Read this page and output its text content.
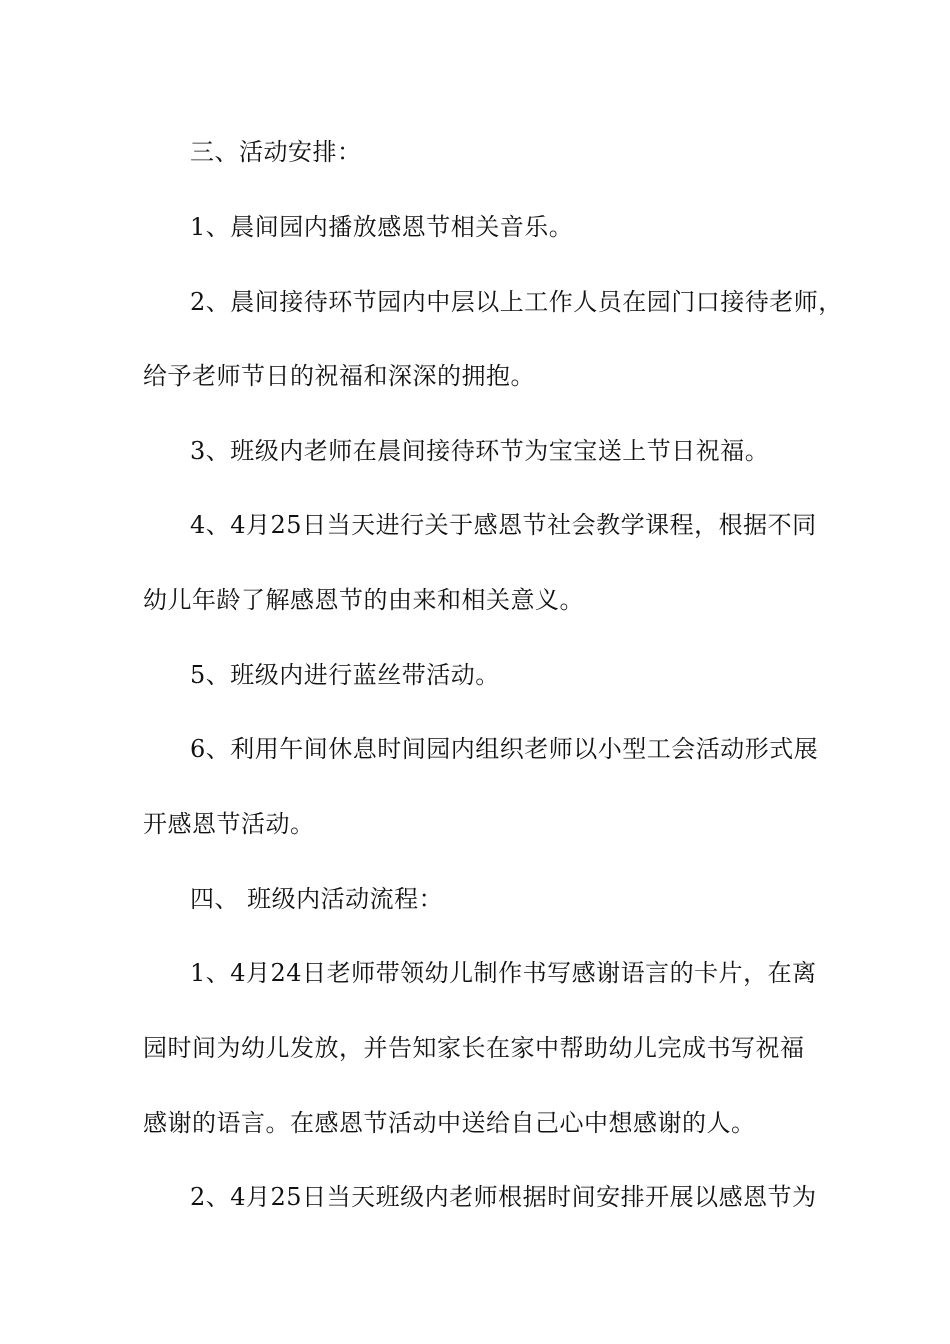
三、活动安排：
1、晨间园内播放感恩节相关音乐。
2、晨间接待环节园内中层以上工作人员在园门口接待老师，
给予老师节日的祝福和深深的拥抱。
3、班级内老师在晨间接待环节为宝宝送上节日祝福。
4、4月25日当天进行关于感恩节社会教学课程，根据不同
幼儿年龄了解感恩节的由来和相关意义。
5、班级内进行蓝丝带活动。
6、利用午间休息时间园内组织老师以小型工会活动形式展
开感恩节活动。
四、 班级内活动流程：
1、4月24日老师带领幼儿制作书写感谢语言的卡片，在离
园时间为幼儿发放，并告知家长在家中帮助幼儿完成书写祝福
感谢的语言。在感恩节活动中送给自己心中想感谢的人。
2、4月25日当天班级内老师根据时间安排开展以感恩节为
